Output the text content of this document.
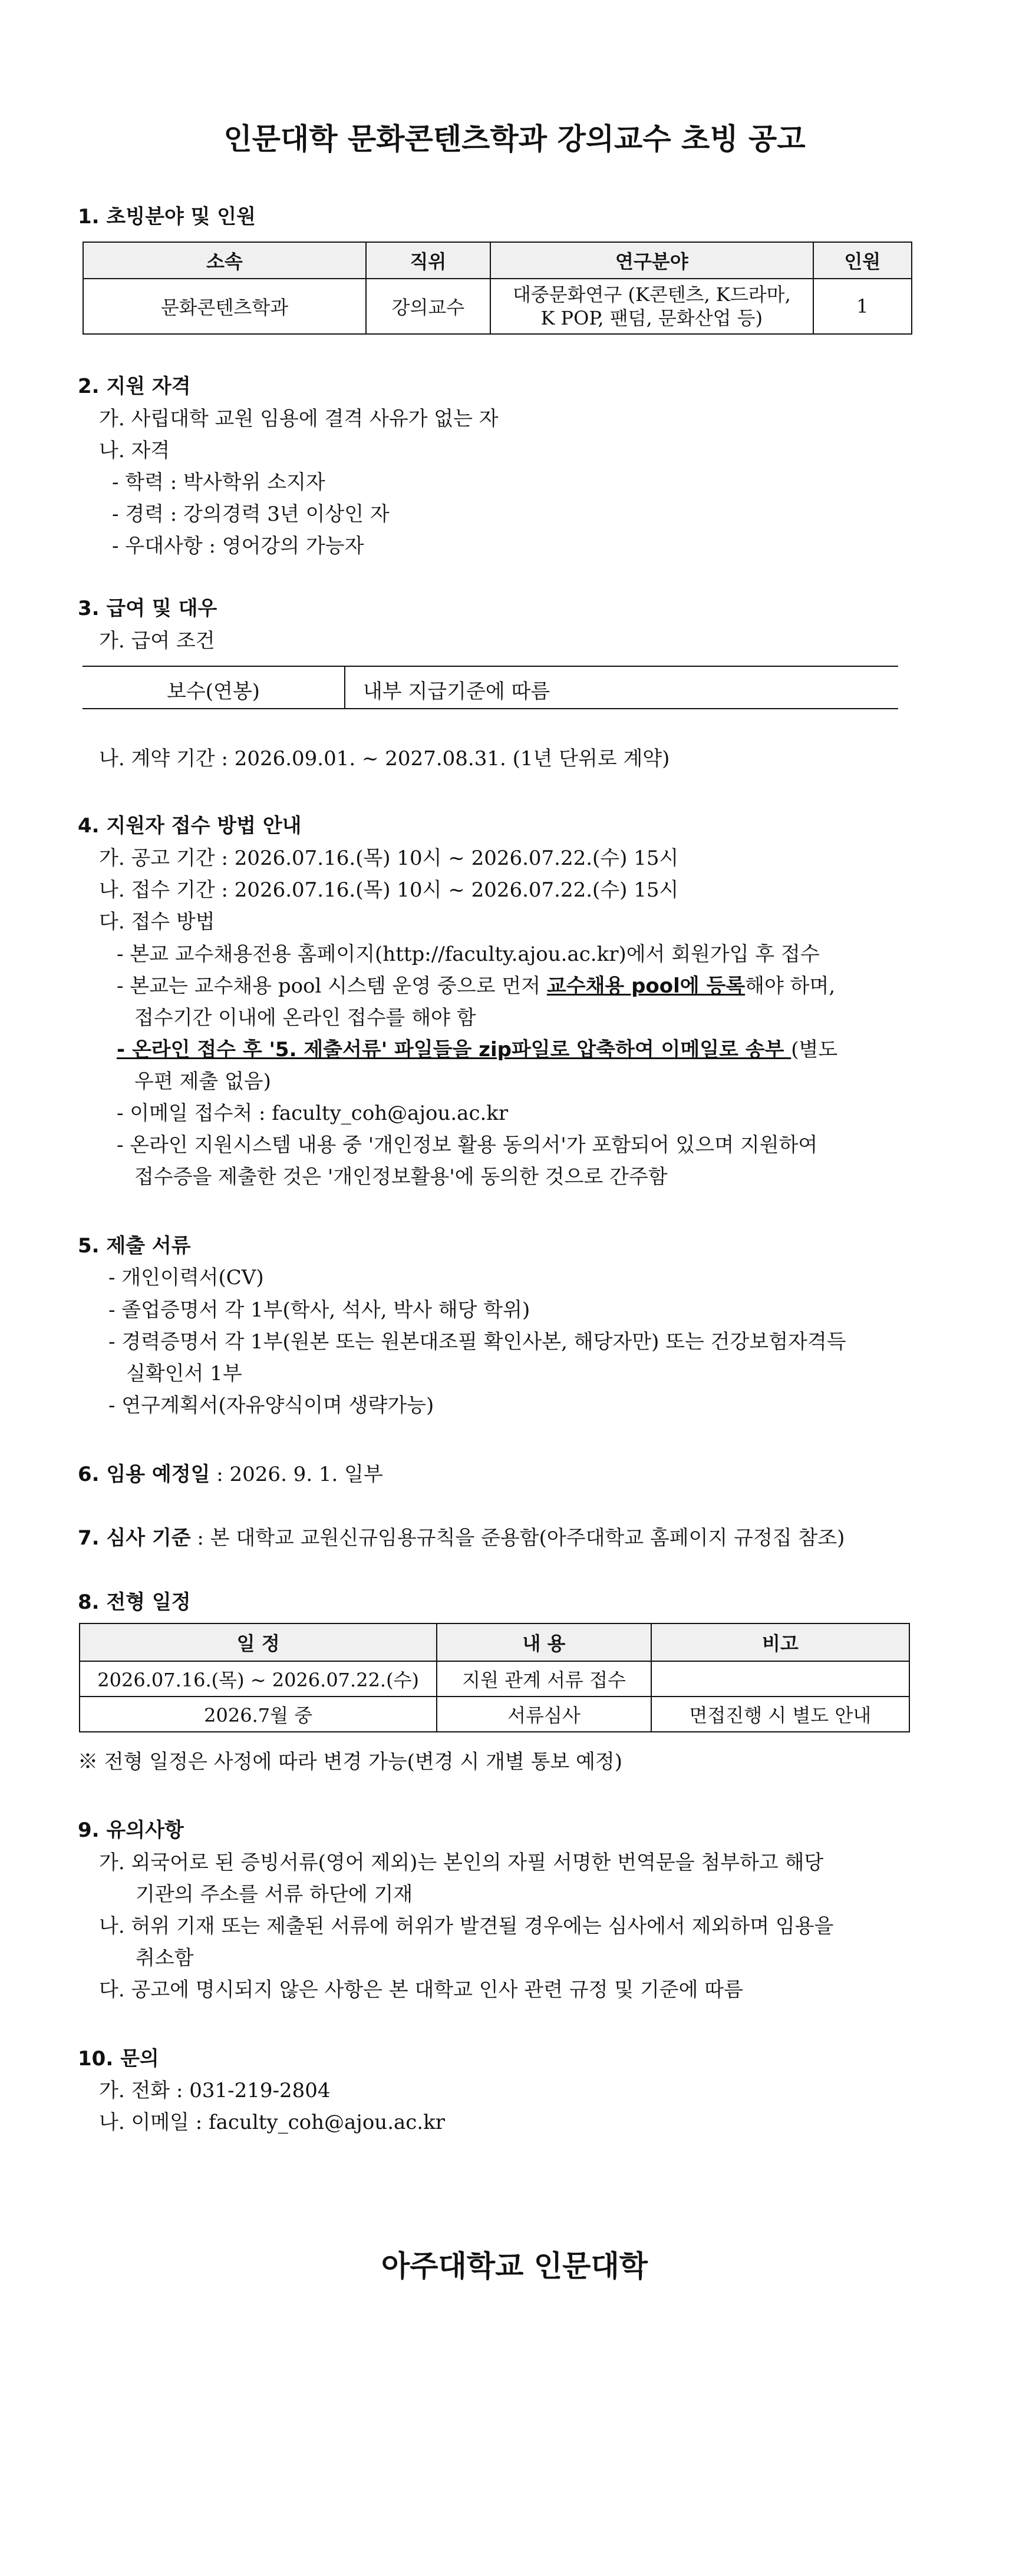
인문대학 문화콘텐츠학과 강의교수 초빙 공고
1. 초빙분야 및 인원
소속	직위	연구분야	인원
문화콘텐츠학과	강의교수	대중문화연구 (K콘텐츠, K드라마,
K POP, 팬덤, 문화산업 등)	1
2. 지원 자격
가. 사립대학 교원 임용에 결격 사유가 없는 자
나. 자격
- 학력 : 박사학위 소지자
- 경력 : 강의경력 3년 이상인 자
- 우대사항 : 영어강의 가능자
3. 급여 및 대우
가. 급여 조건
보수(연봉)	내부 지급기준에 따름
나. 계약 기간 : 2026.09.01. ~ 2027.08.31. (1년 단위로 계약)
4. 지원자 접수 방법 안내
가. 공고 기간 : 2026.07.16.(목) 10시 ~ 2026.07.22.(수) 15시
나. 접수 기간 : 2026.07.16.(목) 10시 ~ 2026.07.22.(수) 15시
다. 접수 방법
- 본교 교수채용전용 홈페이지(http://faculty.ajou.ac.kr)에서 회원가입 후 접수
- 본교는 교수채용 pool 시스템 운영 중으로 먼저 교수채용 pool에 등록해야 하며,
접수기간 이내에 온라인 접수를 해야 함
- 온라인 접수 후 '5. 제출서류' 파일들을 zip파일로 압축하여 이메일로 송부 (별도
우편 제출 없음)
- 이메일 접수처 : faculty_coh@ajou.ac.kr
- 온라인 지원시스템 내용 중 '개인정보 활용 동의서'가 포함되어 있으며 지원하여
접수증을 제출한 것은 '개인정보활용'에 동의한 것으로 간주함
5. 제출 서류
- 개인이력서(CV)
- 졸업증명서 각 1부(학사, 석사, 박사 해당 학위)
- 경력증명서 각 1부(원본 또는 원본대조필 확인사본, 해당자만) 또는 건강보험자격득
실확인서 1부
- 연구계획서(자유양식이며 생략가능)
6. 임용 예정일 : 2026. 9. 1. 일부
7. 심사 기준 : 본 대학교 교원신규임용규칙을 준용함(아주대학교 홈페이지 규정집 참조)
8. 전형 일정
일 정	내 용	비고
2026.07.16.(목) ~ 2026.07.22.(수)	지원 관계 서류 접수	
2026.7월 중	서류심사	면접진행 시 별도 안내
※ 전형 일정은 사정에 따라 변경 가능(변경 시 개별 통보 예정)
9. 유의사항
가. 외국어로 된 증빙서류(영어 제외)는 본인의 자필 서명한 번역문을 첨부하고 해당
기관의 주소를 서류 하단에 기재
나. 허위 기재 또는 제출된 서류에 허위가 발견될 경우에는 심사에서 제외하며 임용을
취소함
다. 공고에 명시되지 않은 사항은 본 대학교 인사 관련 규정 및 기준에 따름
10. 문의
가. 전화 : 031-219-2804
나. 이메일 : faculty_coh@ajou.ac.kr
아주대학교 인문대학
